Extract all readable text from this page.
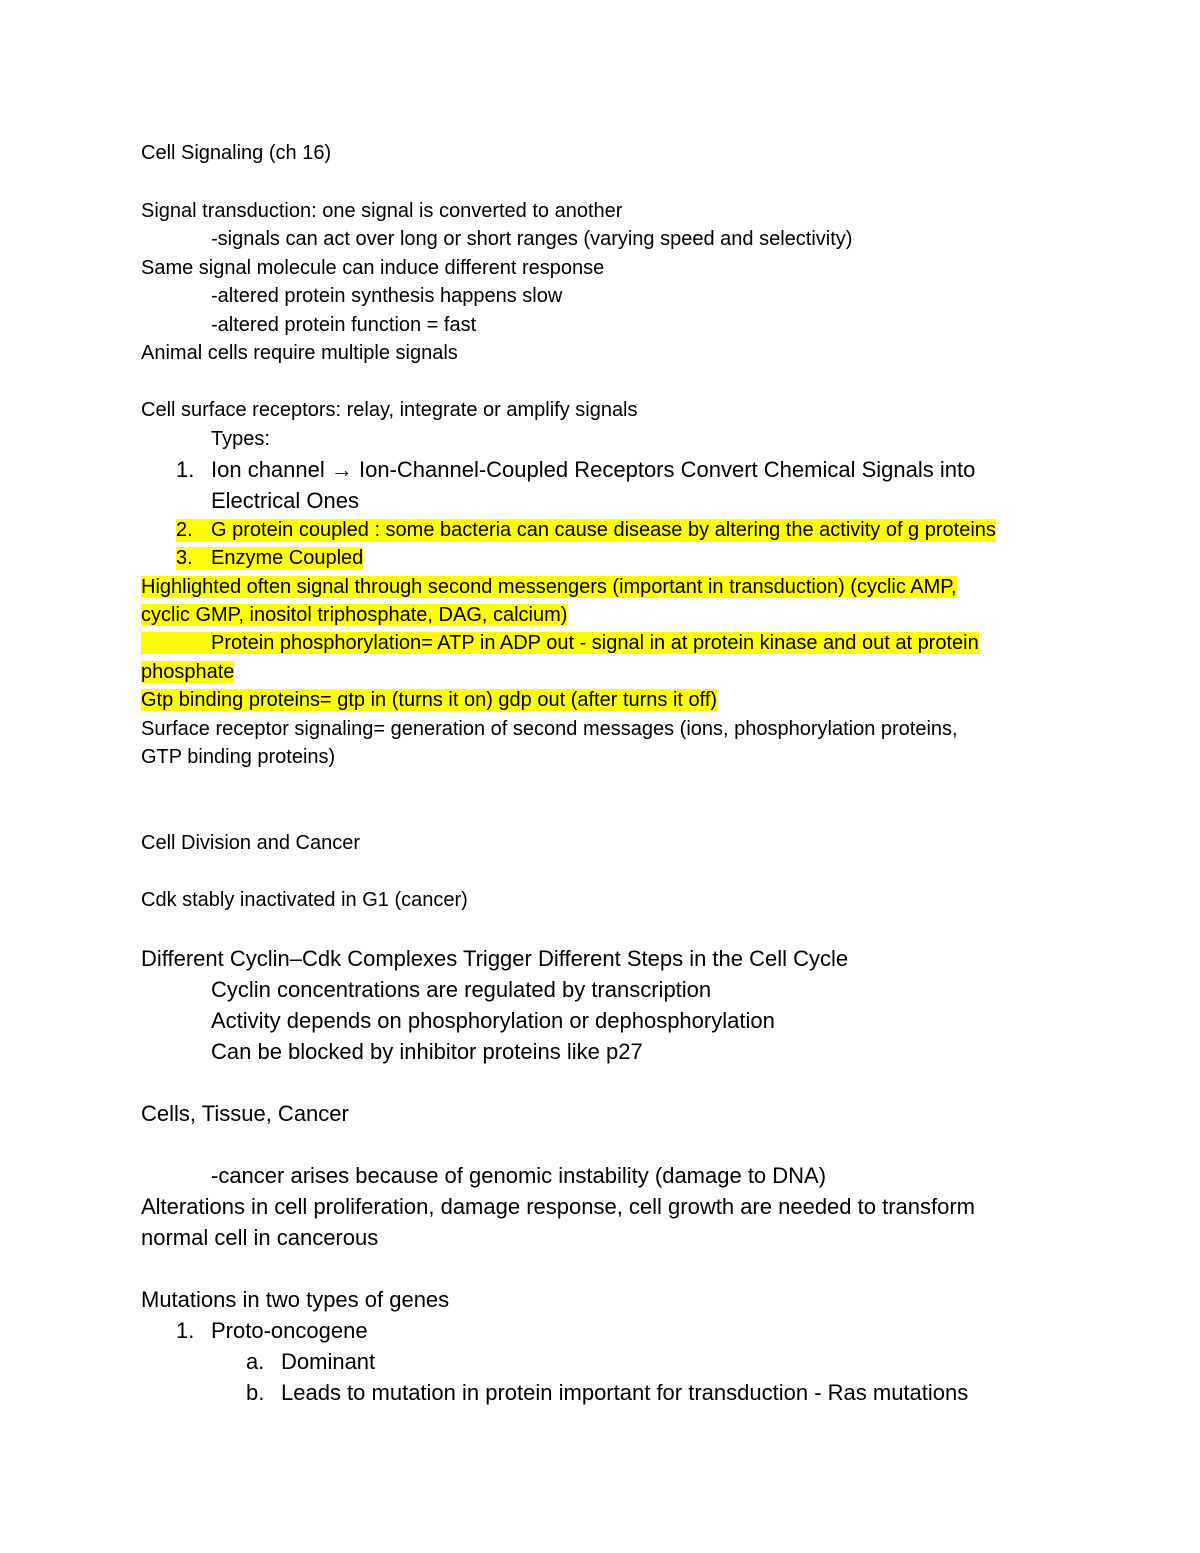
Cell Signaling (ch 16)
Signal transduction: one signal is converted to another
-signals can act over long or short ranges (varying speed and selectivity)
Same signal molecule can induce different response
-altered protein synthesis happens slow
-altered protein function = fast
Animal cells require multiple signals
Cell surface receptors: relay, integrate or amplify signals
Types:
1. Ion channel → Ion-Channel-Coupled Receptors Convert Chemical Signals into
Electrical Ones
2. G protein coupled : some bacteria can cause disease by altering the activity of g proteins
3. Enzyme Coupled
Highlighted often signal through second messengers (important in transduction) (cyclic AMP,
cyclic GMP, inositol triphosphate, DAG, calcium)
Protein phosphorylation= ATP in ADP out - signal in at protein kinase and out at protein
phosphate
Gtp binding proteins= gtp in (turns it on) gdp out (after turns it off)
Surface receptor signaling= generation of second messages (ions, phosphorylation proteins,
GTP binding proteins)
Cell Division and Cancer
Cdk stably inactivated in G1 (cancer)
Different Cyclin–Cdk Complexes Trigger Different Steps in the Cell Cycle
Cyclin concentrations are regulated by transcription
Activity depends on phosphorylation or dephosphorylation
Can be blocked by inhibitor proteins like p27
Cells, Tissue, Cancer
-cancer arises because of genomic instability (damage to DNA)
Alterations in cell proliferation, damage response, cell growth are needed to transform
normal cell in cancerous
Mutations in two types of genes
1. Proto-oncogene
a. Dominant
b. Leads to mutation in protein important for transduction - Ras mutations
